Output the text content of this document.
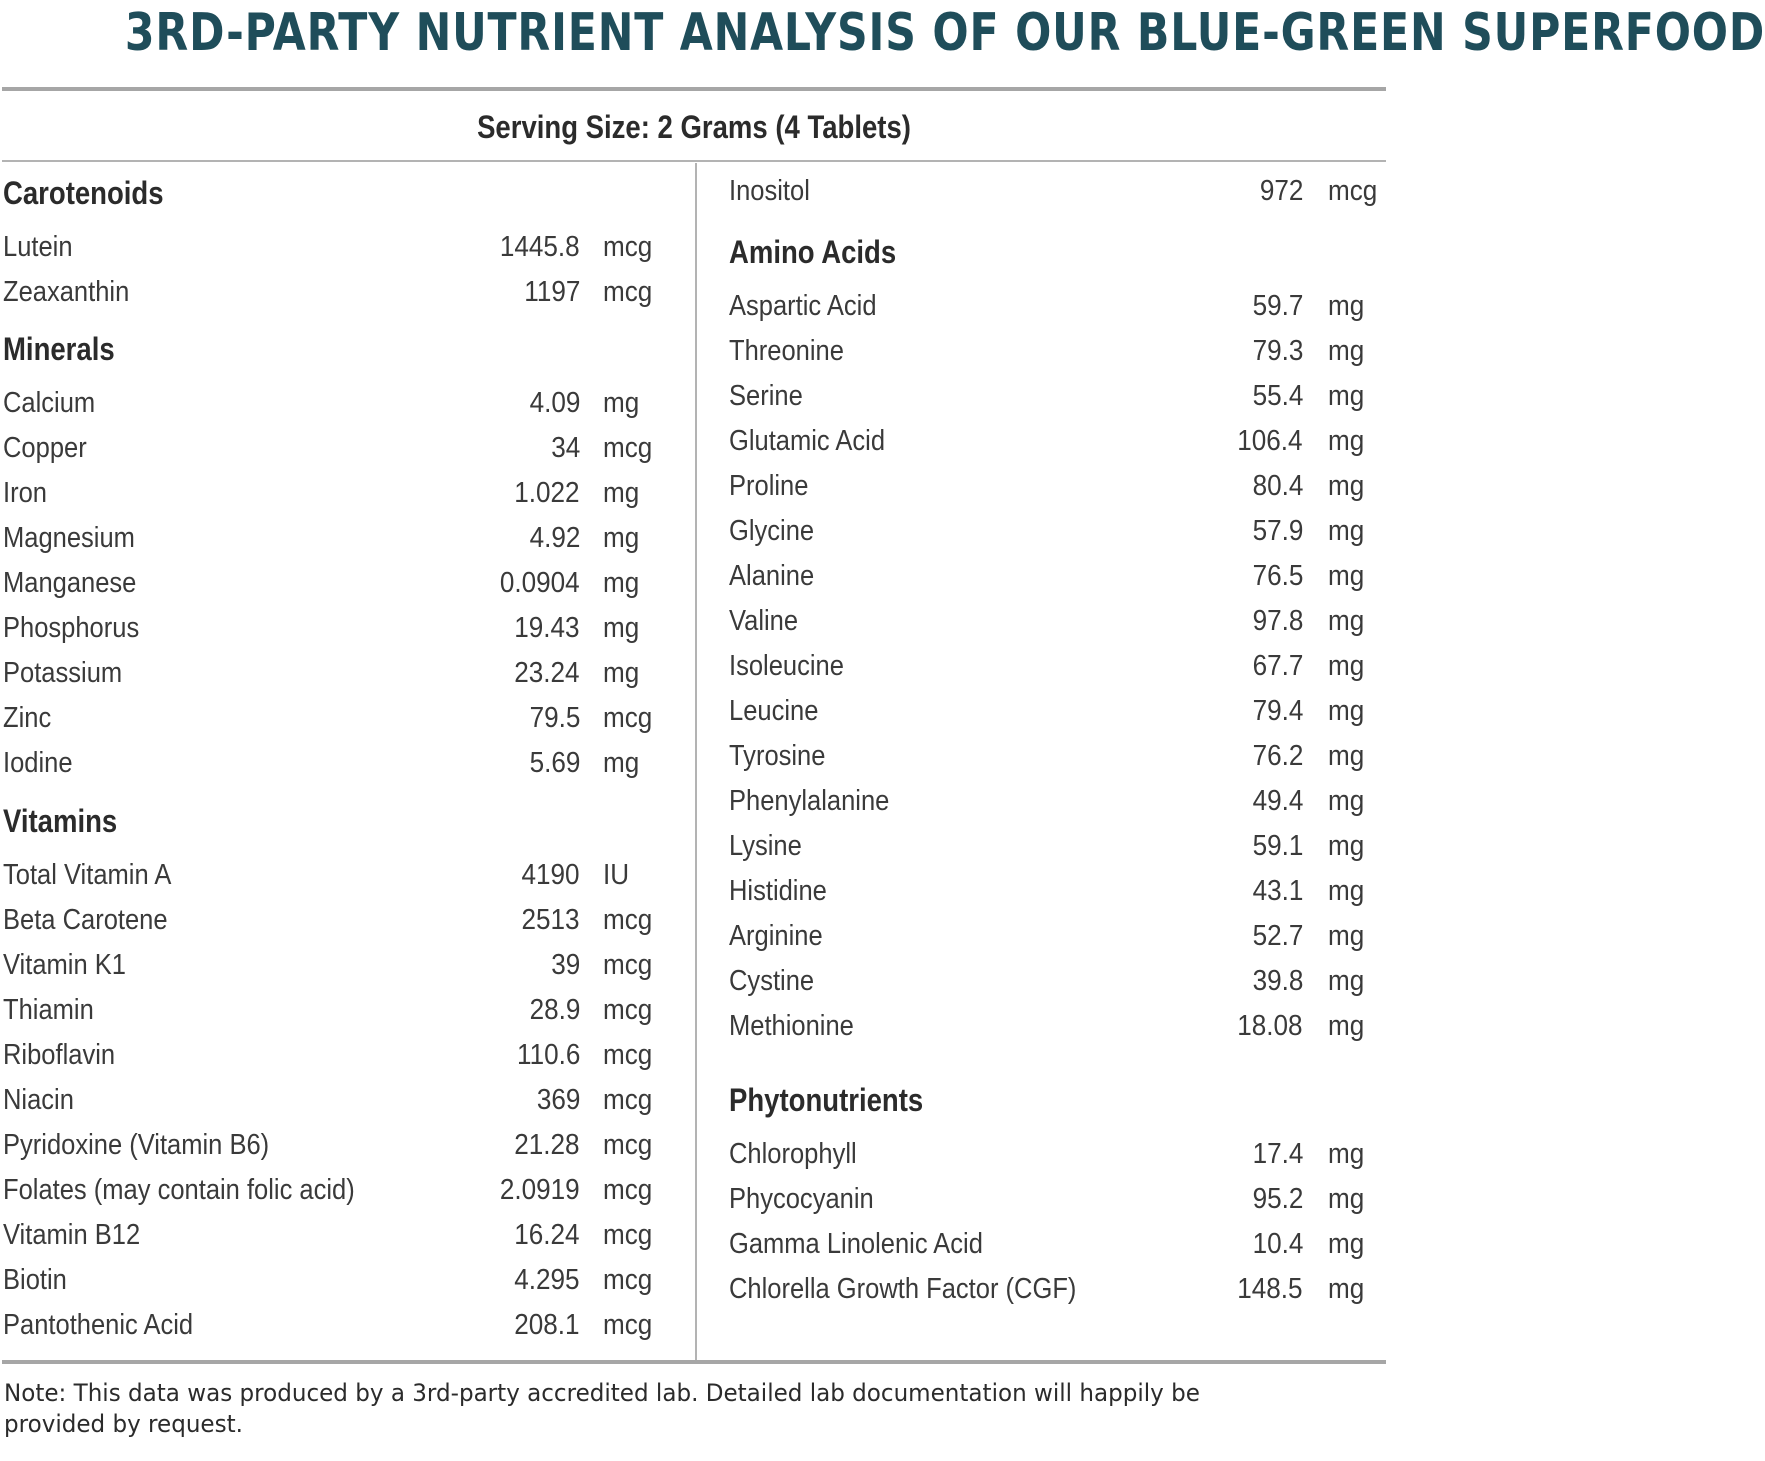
3RD-PARTY NUTRIENT ANALYSIS OF OUR BLUE-GREEN SUPERFOOD
Serving Size: 2 Grams (4 Tablets)
Carotenoids
Lutein	1445.8 mcg
Zeaxanthin	1197 mcg
Minerals
Calcium	4.09 mg
Copper	34 mcg
Iron	1.022 mg
Magnesium	4.92 mg
Manganese	0.0904 mg
Phosphorus	19.43 mg
Potassium	23.24 mg
Zinc	79.5 mcg
Iodine	5.69 mg
Vitamins
Total Vitamin A	4190 IU
Beta Carotene	2513 mcg
Vitamin K1	39 mcg
Thiamin	28.9 mcg
Riboflavin	110.6 mcg
Niacin	369 mcg
Pyridoxine (Vitamin B6)	21.28 mcg
Folates (may contain folic acid)	2.0919 mcg
Vitamin B12	16.24 mcg
Biotin	4.295 mcg
Pantothenic Acid	208.1 mcg
Inositol	972 mcg
Amino Acids
Aspartic Acid	59.7 mg
Threonine	79.3 mg
Serine	55.4 mg
Glutamic Acid	106.4 mg
Proline	80.4 mg
Glycine	57.9 mg
Alanine	76.5 mg
Valine	97.8 mg
Isoleucine	67.7 mg
Leucine	79.4 mg
Tyrosine	76.2 mg
Phenylalanine	49.4 mg
Lysine	59.1 mg
Histidine	43.1 mg
Arginine	52.7 mg
Cystine	39.8 mg
Methionine	18.08 mg
Phytonutrients
Chlorophyll	17.4 mg
Phycocyanin	95.2 mg
Gamma Linolenic Acid	10.4 mg
Chlorella Growth Factor (CGF)	148.5 mg
Note: This data was produced by a 3rd-party accredited lab. Detailed lab documentation will happily be provided by request.
